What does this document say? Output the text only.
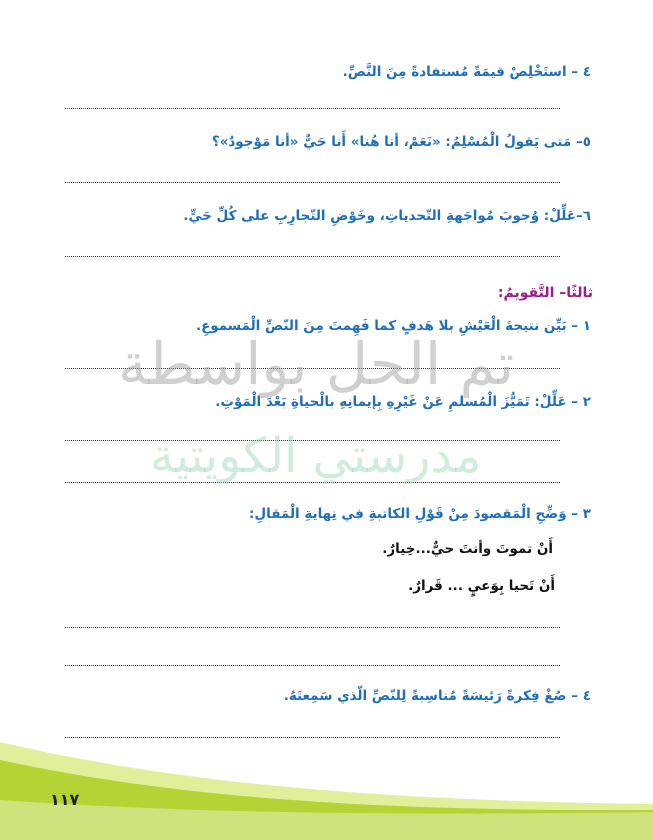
٤ – استَخْلِصْ قيمَةً مُستفادةً مِنَ النَّصِّ.
٥– مَتى يَقولُ الْمُسْلِمُ: «نَعَمْ، أنا هُنا» أَنا حَيٌّ «أنا مَوْجودٌ»؟
٦–عَلِّلْ: وُجوبَ مُواجَهةِ التّحدياتِ، وخَوْضِ التّجارِبِ على كُلِّ حَيٍّ.
ثالثًا– التَّقويمُ:
١ – بَيِّن نتيجةَ الْعَيْشِ بلا هَدفٍ كما فَهِمتَ مِنَ النّصِّ الْمَسموعِ.
٢ – عَلِّلْ: تَمَيُّزَ الْمُسلمِ عَنْ غَيْرِهِ بِإيمانِهِ بالْحياةِ بَعْدَ الْمَوْتِ.
٣ – وَضِّحِ الْمَقصودَ مِنْ قَوْلِ الكاتبةِ في نِهايةِ الْمَقالِ:
أَنْ تموتَ وأنتَ حيٌّ...خِيارٌ.
أَنْ تَحيا بِوَعيٍ ... قَرارٌ.
٤ – صُغْ فِكرةً رَئيسَةً مُناسِبةً لِلنّصِّ الّذي سَمِعتَهُ.
تم الحل بواسطة
مدرستي الكويتية
١١٧
